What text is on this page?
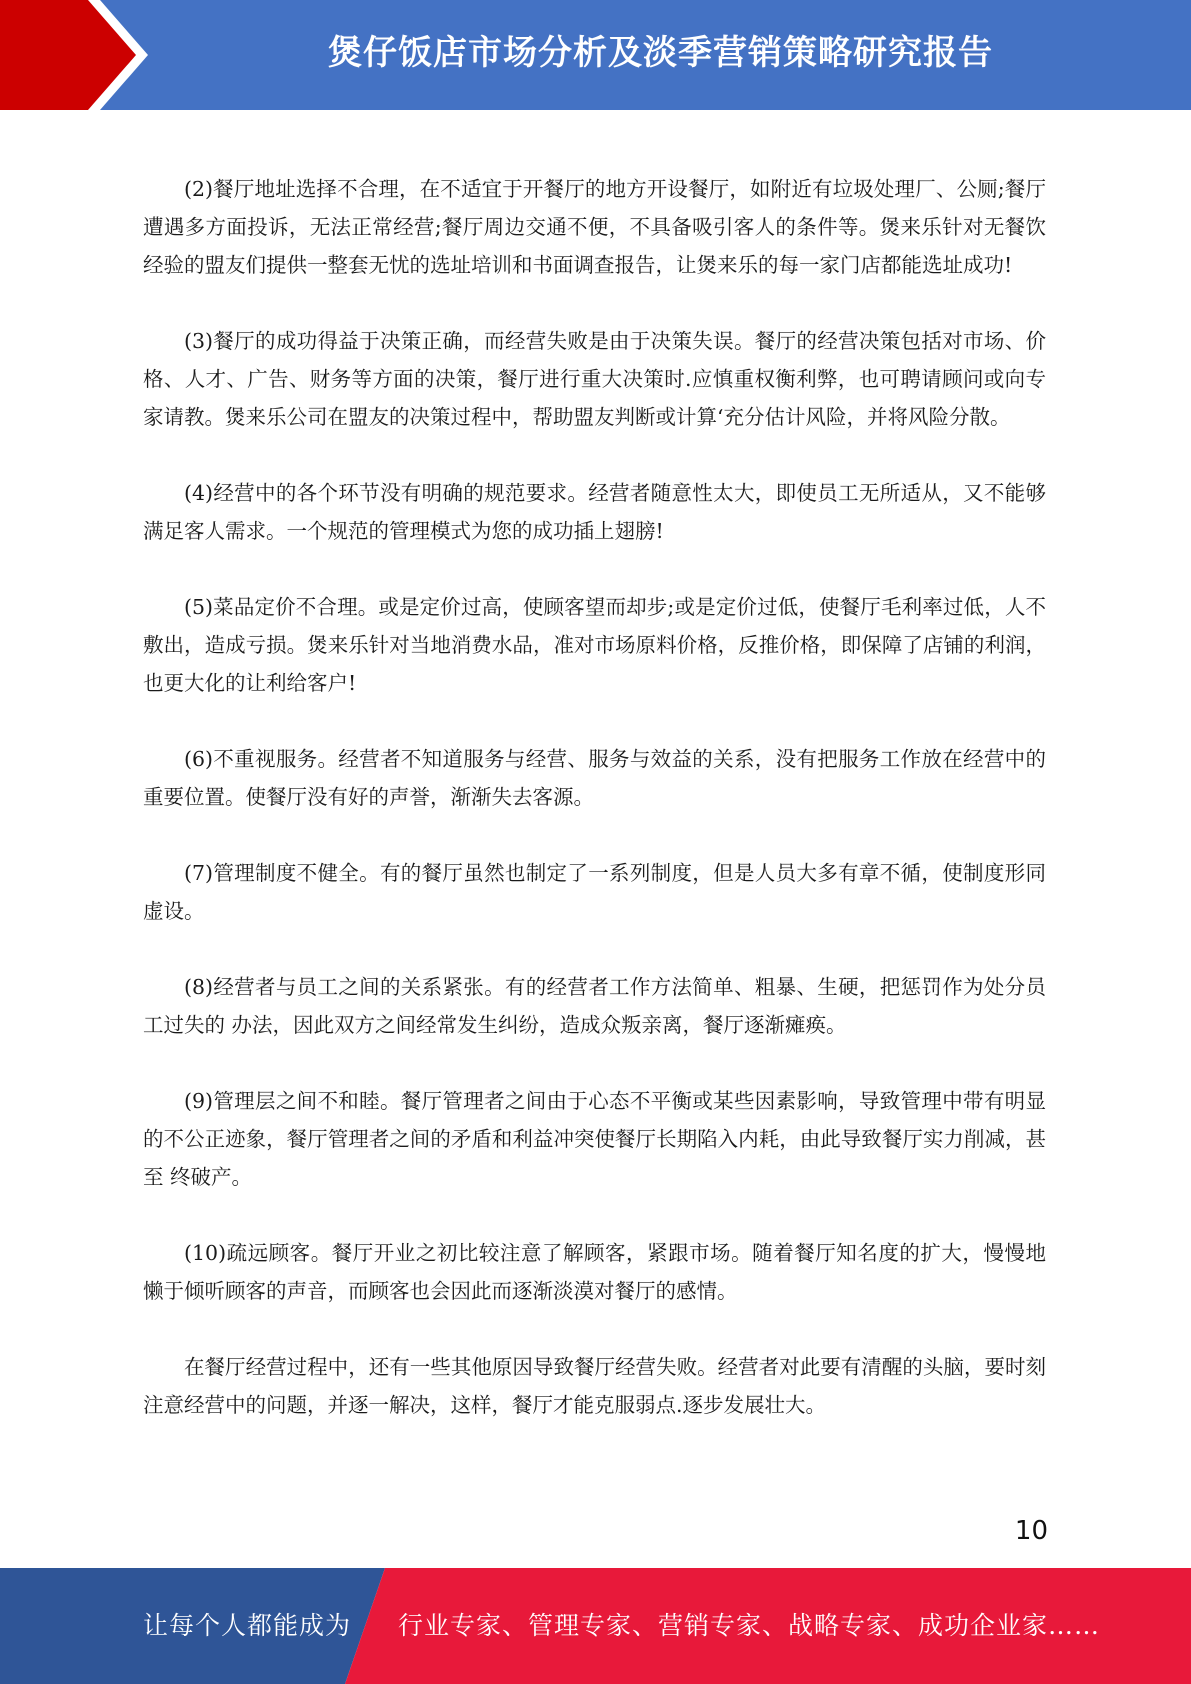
煲仔饭店市场分析及淡季营销策略研究报告

(2)餐厅地址选择不合理，在不适宜于开餐厅的地方开设餐厅，如附近有垃圾处理厂、公厕;餐厅遭遇多方面投诉，无法正常经营;餐厅周边交通不便，不具备吸引客人的条件等。煲来乐针对无餐饮经验的盟友们提供一整套无忧的选址培训和书面调查报告，让煲来乐的每一家门店都能选址成功!

(3)餐厅的成功得益于决策正确，而经营失败是由于决策失误。餐厅的经营决策包括对市场、价格、人才、广告、财务等方面的决策，餐厅进行重大决策时.应慎重权衡利弊，也可聘请顾问或向专家请教。煲来乐公司在盟友的决策过程中，帮助盟友判断或计算‘充分估计风险，并将风险分散。

(4)经营中的各个环节没有明确的规范要求。经营者随意性太大，即使员工无所适从，又不能够满足客人需求。一个规范的管理模式为您的成功插上翅膀!

(5)菜品定价不合理。或是定价过高，使顾客望而却步;或是定价过低，使餐厅毛利率过低，人不敷出，造成亏损。煲来乐针对当地消费水品，准对市场原料价格，反推价格，即保障了店铺的利润，也更大化的让利给客户!

(6)不重视服务。经营者不知道服务与经营、服务与效益的关系，没有把服务工作放在经营中的重要位置。使餐厅没有好的声誉，渐渐失去客源。

(7)管理制度不健全。有的餐厅虽然也制定了一系列制度，但是人员大多有章不循，使制度形同虚设。

(8)经营者与员工之间的关系紧张。有的经营者工作方法简单、粗暴、生硬，把惩罚作为处分员工过失的 办法，因此双方之间经常发生纠纷，造成众叛亲离，餐厅逐渐瘫痪。

(9)管理层之间不和睦。餐厅管理者之间由于心态不平衡或某些因素影响，导致管理中带有明显的不公正迹象，餐厅管理者之间的矛盾和利益冲突使餐厅长期陷入内耗，由此导致餐厅实力削减，甚至 终破产。

(10)疏远顾客。餐厅开业之初比较注意了解顾客，紧跟市场。随着餐厅知名度的扩大，慢慢地懒于倾听顾客的声音，而顾客也会因此而逐渐淡漠对餐厅的感情。

在餐厅经营过程中，还有一些其他原因导致餐厅经营失败。经营者对此要有清醒的头脑，要时刻注意经营中的问题，并逐一解决，这样，餐厅才能克服弱点.逐步发展壮大。

10
让每个人都能成为 行业专家、管理专家、营销专家、战略专家、成功企业家……
